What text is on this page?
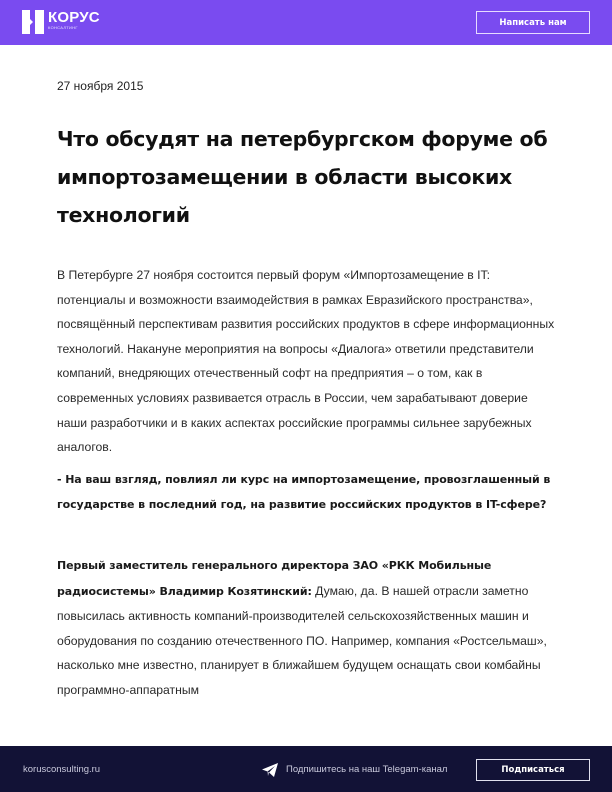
КОРУС
КОНСАЛТИНГ	Написать нам
27 ноября 2015
Что обсудят на петербургском форуме об импортозамещении в области высоких технологий

В Петербурге 27 ноября состоится первый форум «Импортозамещение в IT: потенциалы и возможности взаимодействия в рамках Евразийского пространства», посвящённый перспективам развития российских продуктов в сфере информационных технологий. Накануне мероприятия на вопросы «Диалога» ответили представители компаний, внедряющих отечественный софт на предприятия – о том, как в современных условиях развивается отрасль в России, чем зарабатывают доверие наши разработчики и в каких аспектах российские программы сильнее зарубежных аналогов.

- На ваш взгляд, повлиял ли курс на импортозамещение, провозглашенный в государстве в последний год, на развитие российских продуктов в IT-сфере?

Первый заместитель генерального директора ЗАО «РКК Мобильные радиосистемы» Владимир Козятинский: Думаю, да. В нашей отрасли заметно повысилась активность компаний-производителей сельскохозяйственных машин и оборудования по созданию отечественного ПО. Например, компания «Ростсельмаш», насколько мне известно, планирует в ближайшем будущем оснащать свои комбайны программно-аппаратным

korusconsulting.ru	Подпишитесь на наш Telegam-канал	Подписаться
